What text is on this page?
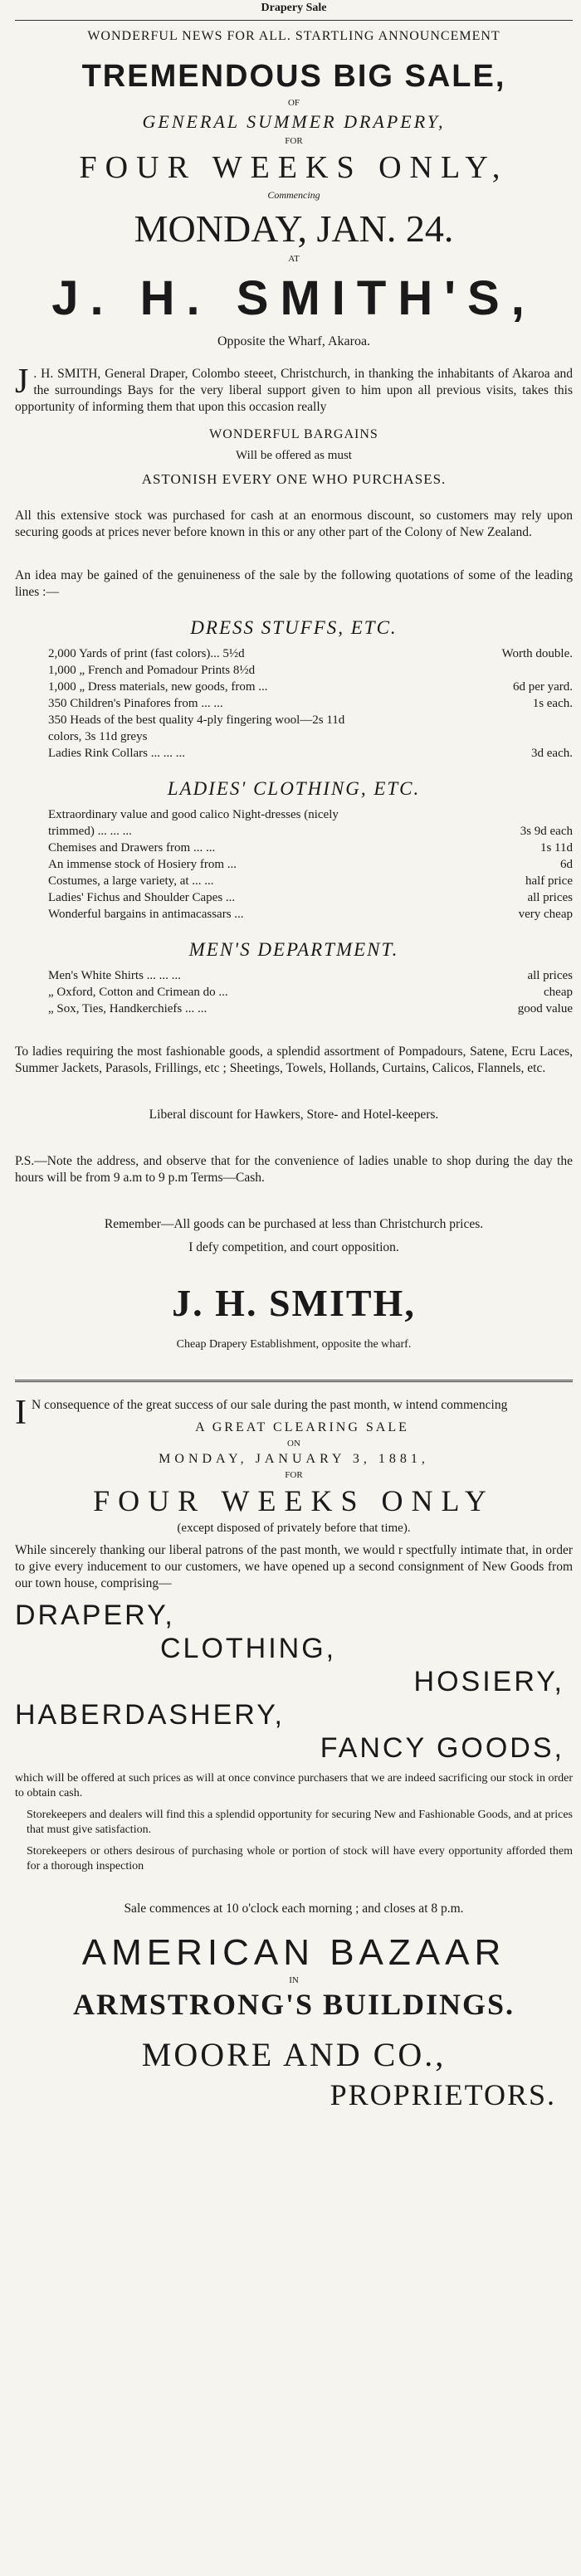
Drapery Sale
WONDERFUL NEWS FOR ALL. STARTLING ANNOUNCEMENT
TREMENDOUS BIG SALE,
OF
GENERAL SUMMER DRAPERY,
FOR
FOUR WEEKS ONLY,
Commencing
MONDAY, JAN. 24.
AT
J. H. SMITH'S,
Opposite the Wharf, Akaroa.

J . H. SMITH, General Draper, Colombo steeet, Christchurch, in thanking the inhabitants of Akaroa and the surroundings Bays for the very liberal support given to him upon all previous visits, takes this opportunity of informing them that upon this occasion really

WONDERFUL BARGAINS
Will be offered as must
ASTONISH EVERY ONE WHO PURCHASES.

All this extensive stock was purchased for cash at an enormous discount, so customers may rely upon securing goods at prices never before known in this or any other part of the Colony of New Zealand.

An idea may be gained of the genuineness of the sale by the following quotations of some of the leading lines :—

DRESS STUFFS, ETC.
2,000 Yards of print (fast colors)... 5½d	Worth double.
1,000 „ French and Pomadour Prints 8½d
1,000 „ Dress materials, new goods, from ...	6d per yard.
350 Children's Pinafores from ... ...	1s each.
350 Heads of the best quality 4-ply fingering wool—2s 11d
colors, 3s 11d greys
Ladies Rink Collars ... ... ...	3d each.
LADIES' CLOTHING, ETC.
Extraordinary value and good calico Night-dresses (nicely
trimmed) ... ... ...	3s 9d each
Chemises and Drawers from ... ...	1s 11d
An immense stock of Hosiery from ...	6d
Costumes, a large variety, at ... ...	half price
Ladies' Fichus and Shoulder Capes ...	all prices
Wonderful bargains in antimacassars ...	very cheap
MEN'S DEPARTMENT.
Men's White Shirts ... ... ...	all prices
„ Oxford, Cotton and Crimean do ...	cheap
„ Sox, Ties, Handkerchiefs ... ...	good value

To ladies requiring the most fashionable goods, a splendid assortment of Pompadours, Satene, Ecru Laces, Summer Jackets, Parasols, Frillings, etc ; Sheetings, Towels, Hollands, Curtains, Calicos, Flannels, etc.

Liberal discount for Hawkers, Store- and Hotel-keepers.

P.S.—Note the address, and observe that for the convenience of ladies unable to shop during the day the hours will be from 9 a.m to 9 p.m Terms—Cash.

Remember—All goods can be purchased at less than Christchurch prices.

I defy competition, and court opposition.

J. H. SMITH,
Cheap Drapery Establishment, opposite the wharf.

I N consequence of the great success of our sale during the past month, w intend commencing

A GREAT CLEARING SALE
ON
MONDAY, JANUARY 3, 1881,
FOR
FOUR WEEKS ONLY
(except disposed of privately before that time).

While sincerely thanking our liberal patrons of the past month, we would r spectfully intimate that, in order to give every inducement to our customers, we have opened up a second consignment of New Goods from our town house, comprising—

DRAPERY,
CLOTHING,
HOSIERY,
HABERDASHERY,
FANCY GOODS,

which will be offered at such prices as will at once convince purchasers that we are indeed sacrificing our stock in order to obtain cash.

Storekeepers and dealers will find this a splendid opportunity for securing New and Fashionable Goods, and at prices that must give satisfaction.

Storekeepers or others desirous of purchasing whole or portion of stock will have every opportunity afforded them for a thorough inspection

Sale commences at 10 o'clock each morning ; and closes at 8 p.m.

AMERICAN BAZAAR
IN
ARMSTRONG'S BUILDINGS.
MOORE AND CO.,
PROPRIETORS.
